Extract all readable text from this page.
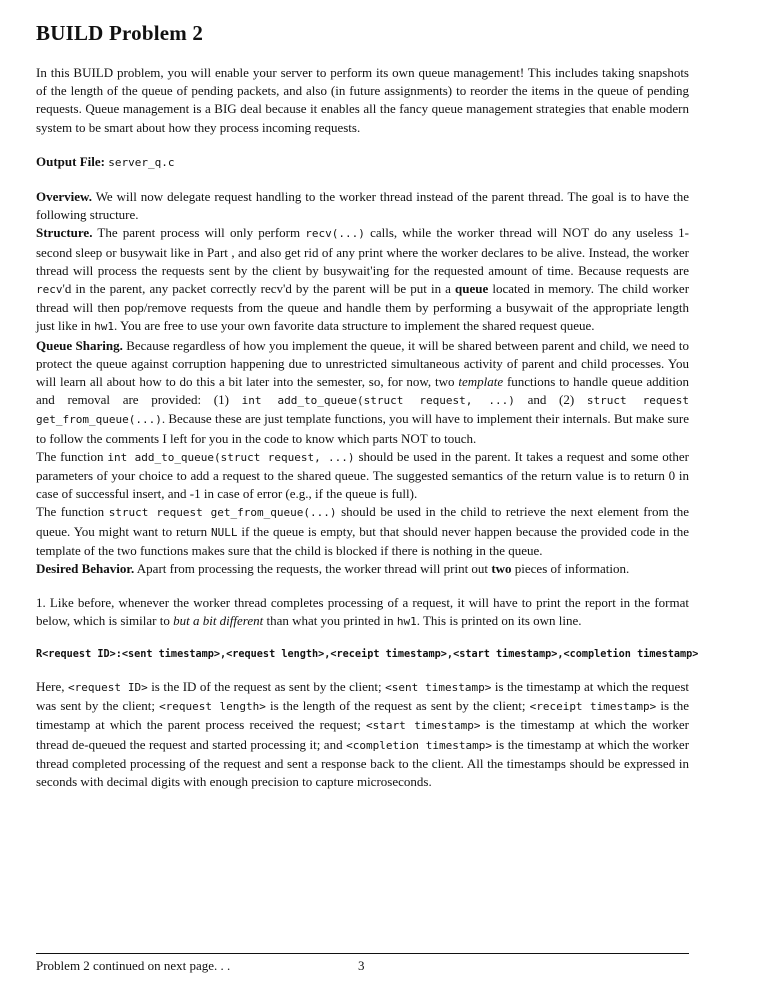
BUILD Problem 2

In this BUILD problem, you will enable your server to perform its own queue management! This includes taking snapshots of the length of the queue of pending packets, and also (in future assignments) to reorder the items in the queue of pending requests. Queue management is a BIG deal because it enables all the fancy queue management strategies that enable modern system to be smart about how they process incoming requests.

Output File: server_q.c

Overview. We will now delegate request handling to the worker thread instead of the parent thread. The goal is to have the following structure.

Structure. The parent process will only perform recv(...) calls, while the worker thread will NOT do any useless 1-second sleep or busywait like in Part , and also get rid of any print where the worker declares to be alive. Instead, the worker thread will process the requests sent by the client by busywait'ing for the requested amount of time. Because requests are recv'd in the parent, any packet correctly recv'd by the parent will be put in a queue located in memory. The child worker thread will then pop/remove requests from the queue and handle them by performing a busywait of the appropriate length just like in hw1. You are free to use your own favorite data structure to implement the shared request queue.

Queue Sharing. Because regardless of how you implement the queue, it will be shared between parent and child, we need to protect the queue against corruption happening due to unrestricted simultaneous activity of parent and child processes. You will learn all about how to do this a bit later into the semester, so, for now, two template functions to handle queue addition and removal are provided: (1) int add_to_queue(struct request, ...) and (2) struct request get_from_queue(...). Because these are just template functions, you will have to implement their internals. But make sure to follow the comments I left for you in the code to know which parts NOT to touch.

The function int add_to_queue(struct request, ...) should be used in the parent. It takes a request and some other parameters of your choice to add a request to the shared queue. The suggested semantics of the return value is to return 0 in case of successful insert, and -1 in case of error (e.g., if the queue is full).

The function struct request get_from_queue(...) should be used in the child to retrieve the next element from the queue. You might want to return NULL if the queue is empty, but that should never happen because the provided code in the template of the two functions makes sure that the child is blocked if there is nothing in the queue.

Desired Behavior. Apart from processing the requests, the worker thread will print out two pieces of information.

1. Like before, whenever the worker thread completes processing of a request, it will have to print the report in the format below, which is similar to but a bit different than what you printed in hw1. This is printed on its own line.

R<request ID>:<sent timestamp>,<request length>,<receipt timestamp>,<start timestamp>,<completion timestamp>

Here, <request ID> is the ID of the request as sent by the client; <sent timestamp> is the timestamp at which the request was sent by the client; <request length> is the length of the request as sent by the client; <receipt timestamp> is the timestamp at which the parent process received the request; <start timestamp> is the timestamp at which the worker thread de-queued the request and started processing it; and <completion timestamp> is the timestamp at which the worker thread completed processing of the request and sent a response back to the client. All the timestamps should be expressed in seconds with decimal digits with enough precision to capture microseconds.

Problem 2 continued on next page. . .	3
